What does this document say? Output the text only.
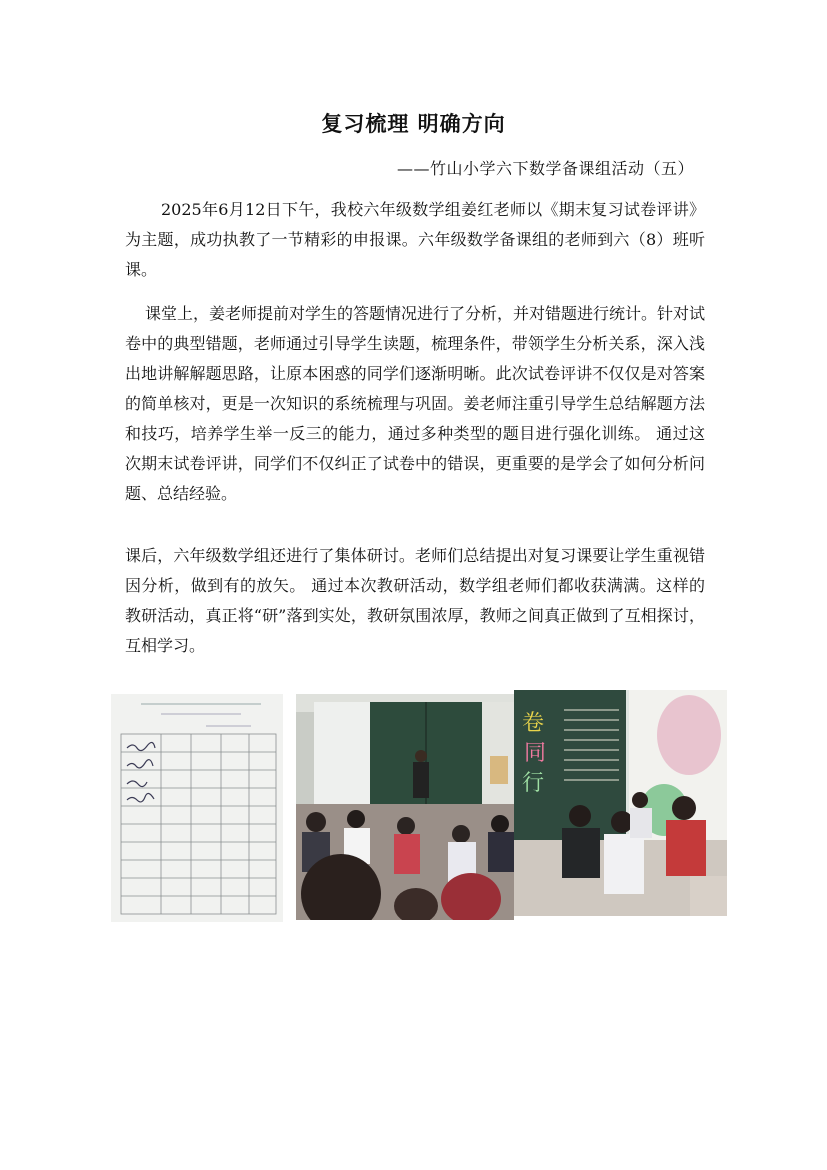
复习梳理 明确方向
——竹山小学六下数学备课组活动（五）

2025年6月12日下午，我校六年级数学组姜红老师以《期末复习试卷评讲》为主题，成功执教了一节精彩的申报课。六年级数学备课组的老师到六（8）班听课。

课堂上，姜老师提前对学生的答题情况进行了分析，并对错题进行统计。针对试卷中的典型错题，老师通过引导学生读题，梳理条件，带领学生分析关系，深入浅出地讲解解题思路，让原本困惑的同学们逐渐明晰。此次试卷评讲不仅仅是对答案的简单核对，更是一次知识的系统梳理与巩固。姜老师注重引导学生总结解题方法和技巧，培养学生举一反三的能力，通过多种类型的题目进行强化训练。 通过这次期末试卷评讲，同学们不仅纠正了试卷中的错误，更重要的是学会了如何分析问题、总结经验。

课后，六年级数学组还进行了集体研讨。老师们总结提出对复习课要让学生重视错因分析，做到有的放矢。 通过本次教研活动，数学组老师们都收获满满。这样的教研活动，真正将“研”落到实处，教研氛围浓厚，教师之间真正做到了互相探讨，互相学习。

卷
同
行
